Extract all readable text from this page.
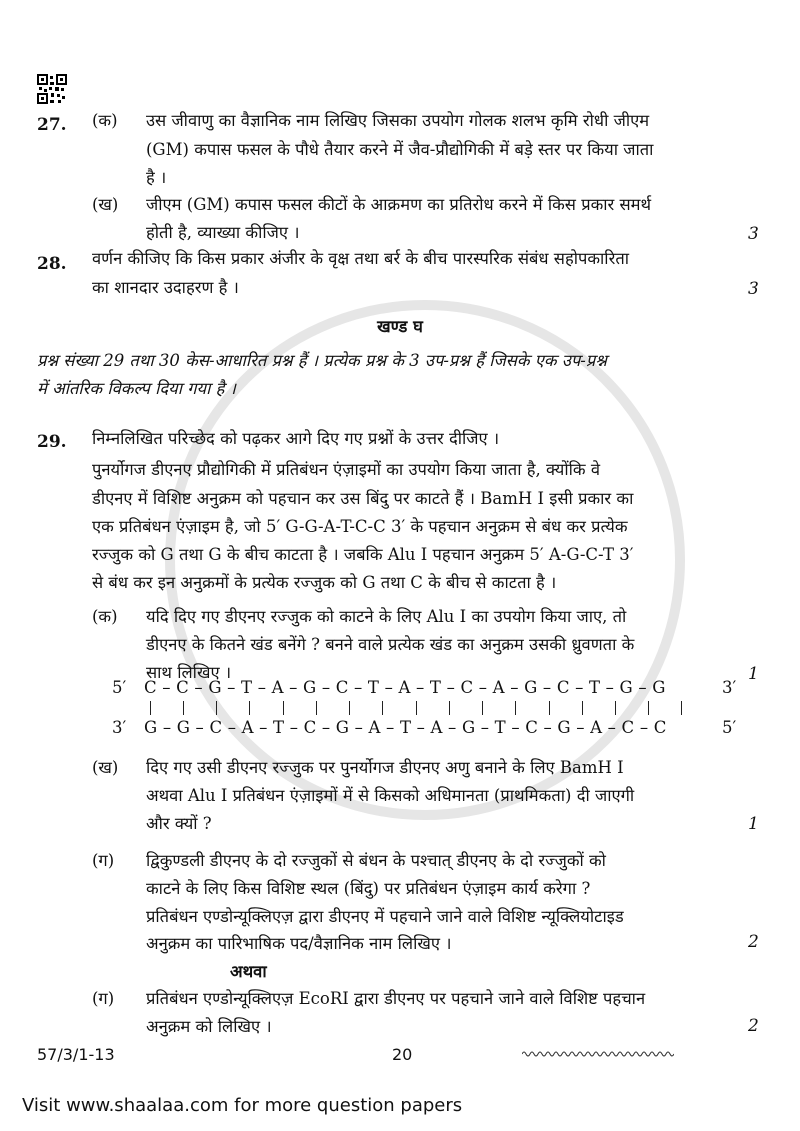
27. (क) उस जीवाणु का वैज्ञानिक नाम लिखिए जिसका उपयोग गोलक शलभ कृमि रोधी जीएम
(GM) कपास फसल के पौधे तैयार करने में जैव-प्रौद्योगिकी में बड़े स्तर पर किया जाता
है ।
(ख) जीएम (GM) कपास फसल कीटों के आक्रमण का प्रतिरोध करने में किस प्रकार समर्थ
होती है, व्याख्या कीजिए ।	3
28. वर्णन कीजिए कि किस प्रकार अंजीर के वृक्ष तथा बर्र के बीच पारस्परिक संबंध सहोपकारिता
का शानदार उदाहरण है ।	3
खण्ड घ
प्रश्न संख्या 29 तथा 30 केस-आधारित प्रश्न हैं । प्रत्येक प्रश्न के 3 उप-प्रश्न हैं जिसके एक उप-प्रश्न
में आंतरिक विकल्प दिया गया है ।
29. निम्नलिखित परिच्छेद को पढ़कर आगे दिए गए प्रश्नों के उत्तर दीजिए ।
पुनर्योगज डीएनए प्रौद्योगिकी में प्रतिबंधन एंज़ाइमों का उपयोग किया जाता है, क्योंकि वे
डीएनए में विशिष्ट अनुक्रम को पहचान कर उस बिंदु पर काटते हैं । BamH I इसी प्रकार का
एक प्रतिबंधन एंज़ाइम है, जो 5′ G-G-A-T-C-C 3′ के पहचान अनुक्रम से बंध कर प्रत्येक
रज्जुक को G तथा G के बीच काटता है । जबकि Alu I पहचान अनुक्रम 5′ A-G-C-T 3′
से बंध कर इन अनुक्रमों के प्रत्येक रज्जुक को G तथा C के बीच से काटता है ।
(क) यदि दिए गए डीएनए रज्जुक को काटने के लिए Alu I का उपयोग किया जाए, तो
डीएनए के कितने खंड बनेंगे ? बनने वाले प्रत्येक खंड का अनुक्रम उसकी ध्रुवणता के
साथ लिखिए ।	1
5′ C – C – G – T – A – G – C – T – A – T – C – A – G – C – T – G – G	3′
3′ G – G – C – A – T – C – G – A – T – A – G – T – C – G – A – C – C	5′
(ख) दिए गए उसी डीएनए रज्जुक पर पुनर्योगज डीएनए अणु बनाने के लिए BamH I
अथवा Alu I प्रतिबंधन एंज़ाइमों में से किसको अधिमानता (प्राथमिकता) दी जाएगी
और क्यों ?	1
(ग) द्विकुण्डली डीएनए के दो रज्जुकों से बंधन के पश्चात् डीएनए के दो रज्जुकों को
काटने के लिए किस विशिष्ट स्थल (बिंदु) पर प्रतिबंधन एंज़ाइम कार्य करेगा ?
प्रतिबंधन एण्डोन्यूक्लिएज़ द्वारा डीएनए में पहचाने जाने वाले विशिष्ट न्यूक्लियोटाइड
अनुक्रम का पारिभाषिक पद/वैज्ञानिक नाम लिखिए ।	2
अथवा
(ग) प्रतिबंधन एण्डोन्यूक्लिएज़ EcoRI द्वारा डीएनए पर पहचाने जाने वाले विशिष्ट पहचान
अनुक्रम को लिखिए ।	2
57/3/1-13	20
Visit www.shaalaa.com for more question papers
